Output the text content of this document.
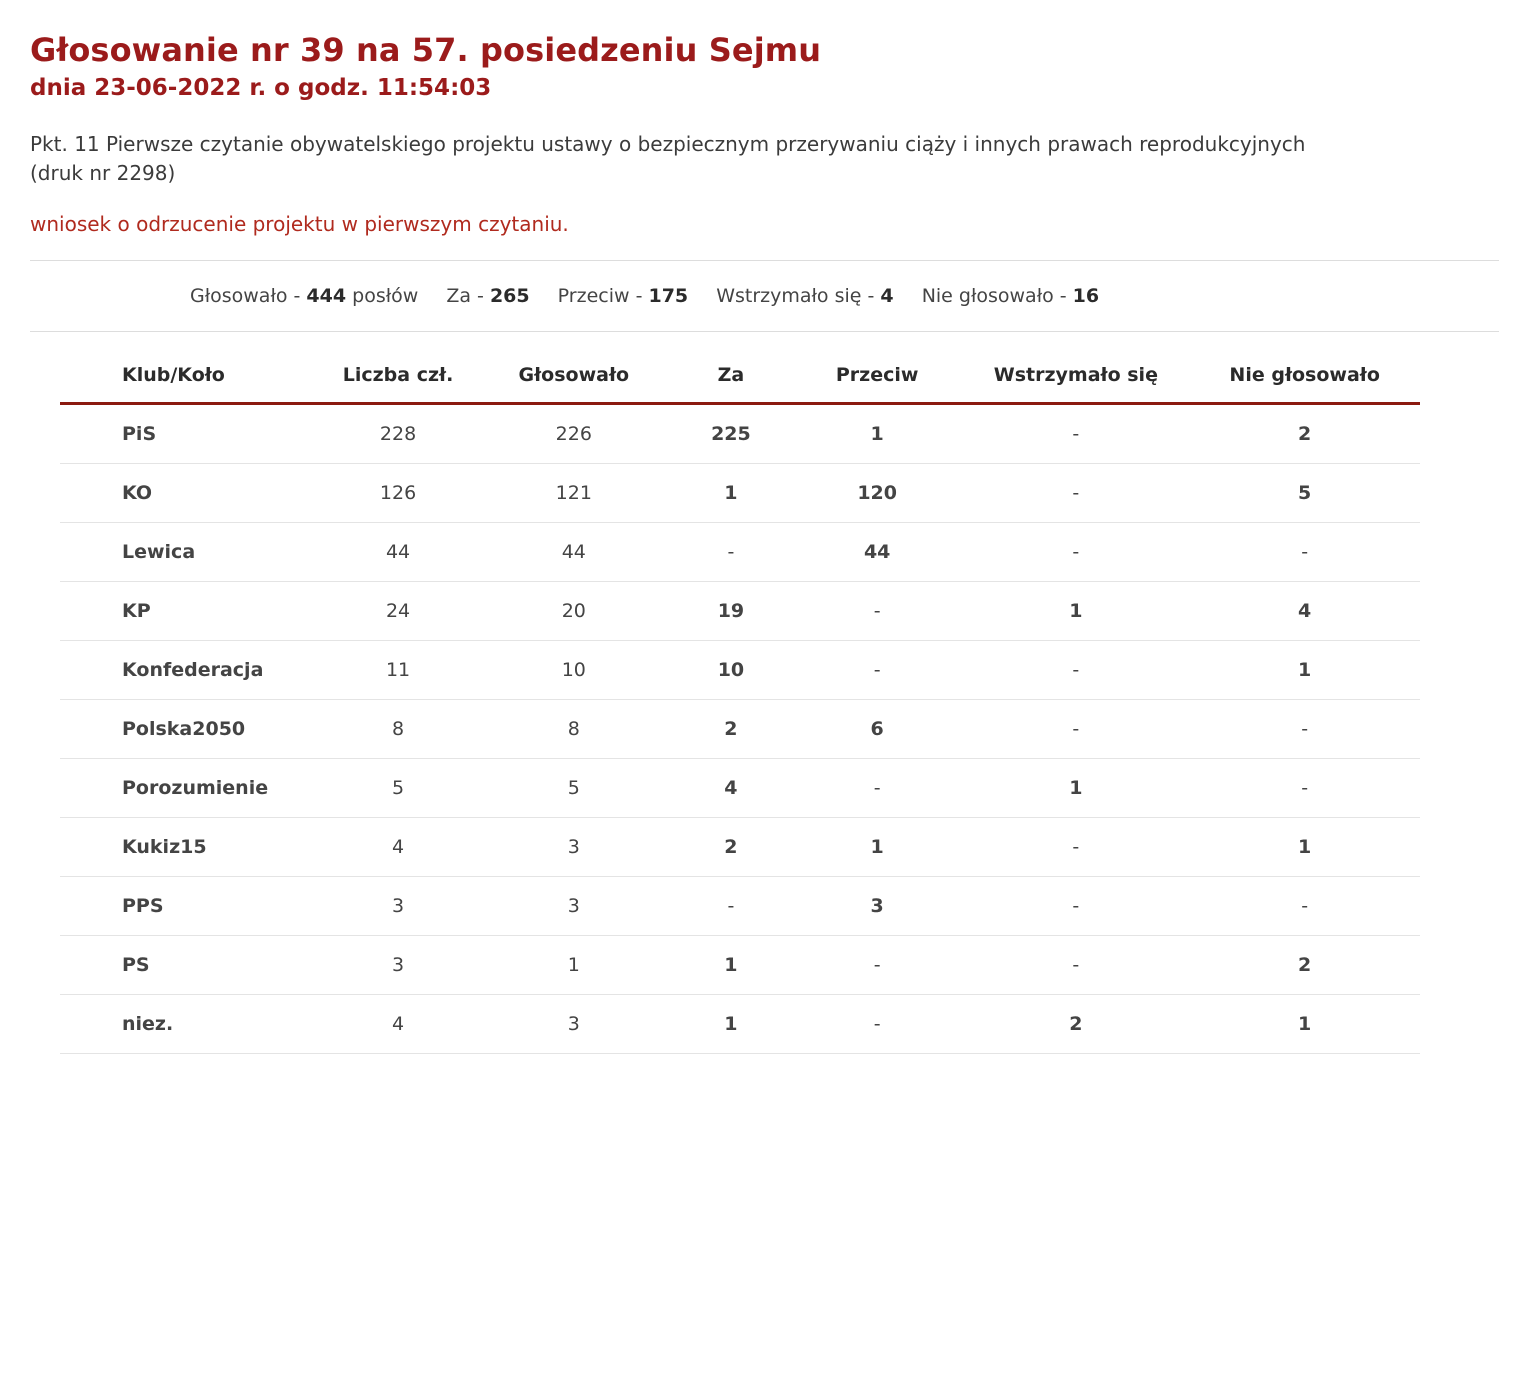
Głosowanie nr 39 na 57. posiedzeniu Sejmu
dnia 23-06-2022 r. o godz. 11:54:03

Pkt. 11 Pierwsze czytanie obywatelskiego projektu ustawy o bezpiecznym przerywaniu ciąży i innych prawach reprodukcyjnych (druk nr 2298)

wniosek o odrzucenie projektu w pierwszym czytaniu.

Głosowało - 444 posłów Za - 265 Przeciw - 175 Wstrzymało się - 4 Nie głosowało - 16
Klub/Koło	Liczba czł.	Głosowało	Za	Przeciw	Wstrzymało się	Nie głosowało
PiS	228	226	225	1	-	2
KO	126	121	1	120	-	5
Lewica	44	44	-	44	-	-
KP	24	20	19	-	1	4
Konfederacja	11	10	10	-	-	1
Polska2050	8	8	2	6	-	-
Porozumienie	5	5	4	-	1	-
Kukiz15	4	3	2	1	-	1
PPS	3	3	-	3	-	-
PS	3	1	1	-	-	2
niez.	4	3	1	-	2	1
